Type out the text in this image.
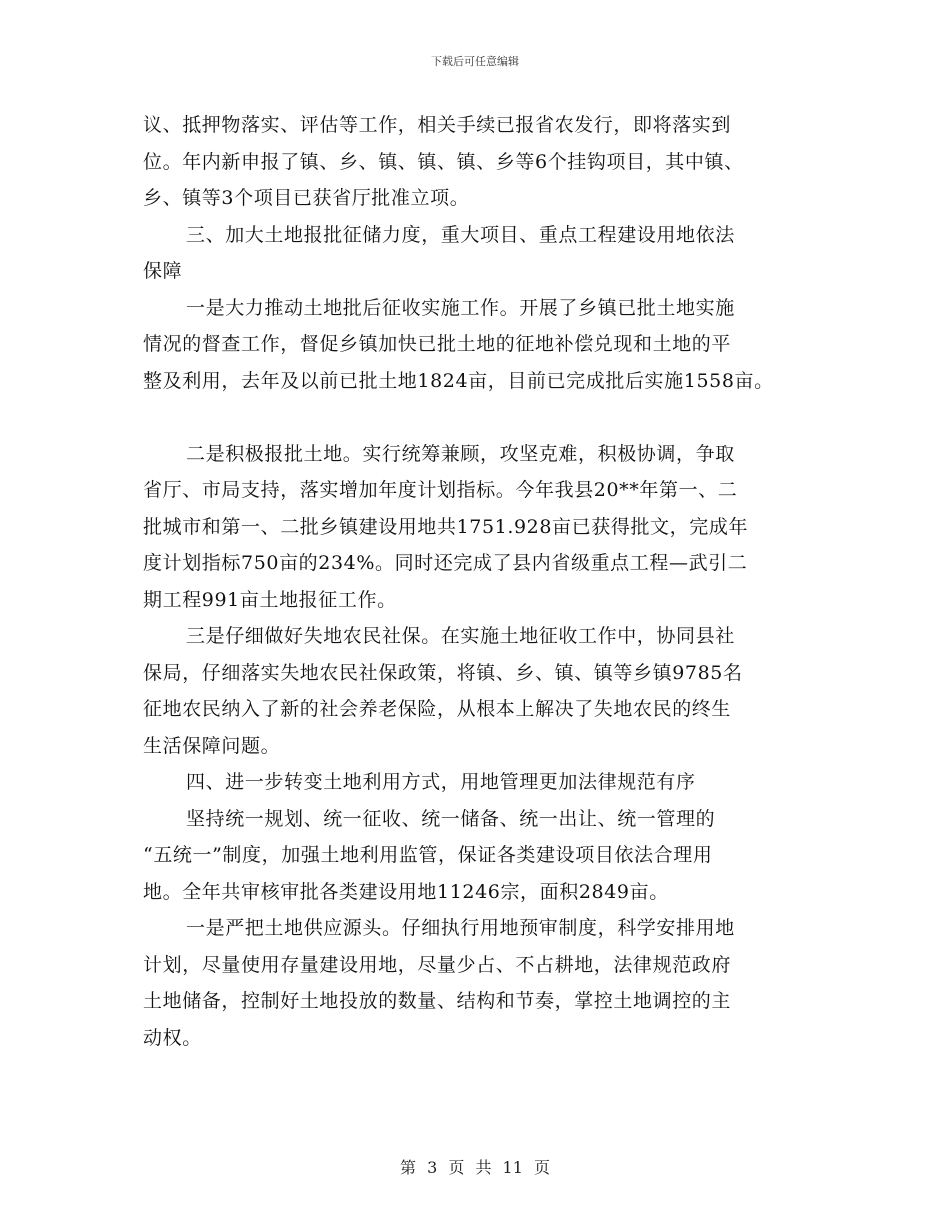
下载后可任意编辑
议、抵押物落实、评估等工作，相关手续已报省农发行，即将落实到
位。年内新申报了镇、乡、镇、镇、镇、乡等6个挂钩项目，其中镇、
乡、镇等3个项目已获省厅批准立项。
三、加大土地报批征储力度，重大项目、重点工程建设用地依法
保障
一是大力推动土地批后征收实施工作。开展了乡镇已批土地实施
情况的督查工作，督促乡镇加快已批土地的征地补偿兑现和土地的平
整及利用，去年及以前已批土地1824亩，目前已完成批后实施1558亩。
二是积极报批土地。实行统筹兼顾，攻坚克难，积极协调，争取
省厅、市局支持，落实增加年度计划指标。今年我县20**年第一、二
批城市和第一、二批乡镇建设用地共1751.928亩已获得批文，完成年
度计划指标750亩的234%。同时还完成了县内省级重点工程—武引二
期工程991亩土地报征工作。
三是仔细做好失地农民社保。在实施土地征收工作中，协同县社
保局，仔细落实失地农民社保政策，将镇、乡、镇、镇等乡镇9785名
征地农民纳入了新的社会养老保险，从根本上解决了失地农民的终生
生活保障问题。
四、进一步转变土地利用方式，用地管理更加法律规范有序
坚持统一规划、统一征收、统一储备、统一出让、统一管理的
“五统一”制度，加强土地利用监管，保证各类建设项目依法合理用
地。全年共审核审批各类建设用地11246宗，面积2849亩。
一是严把土地供应源头。仔细执行用地预审制度，科学安排用地
计划，尽量使用存量建设用地，尽量少占、不占耕地，法律规范政府
土地储备，控制好土地投放的数量、结构和节奏，掌控土地调控的主
动权。
第 3 页 共 11 页
